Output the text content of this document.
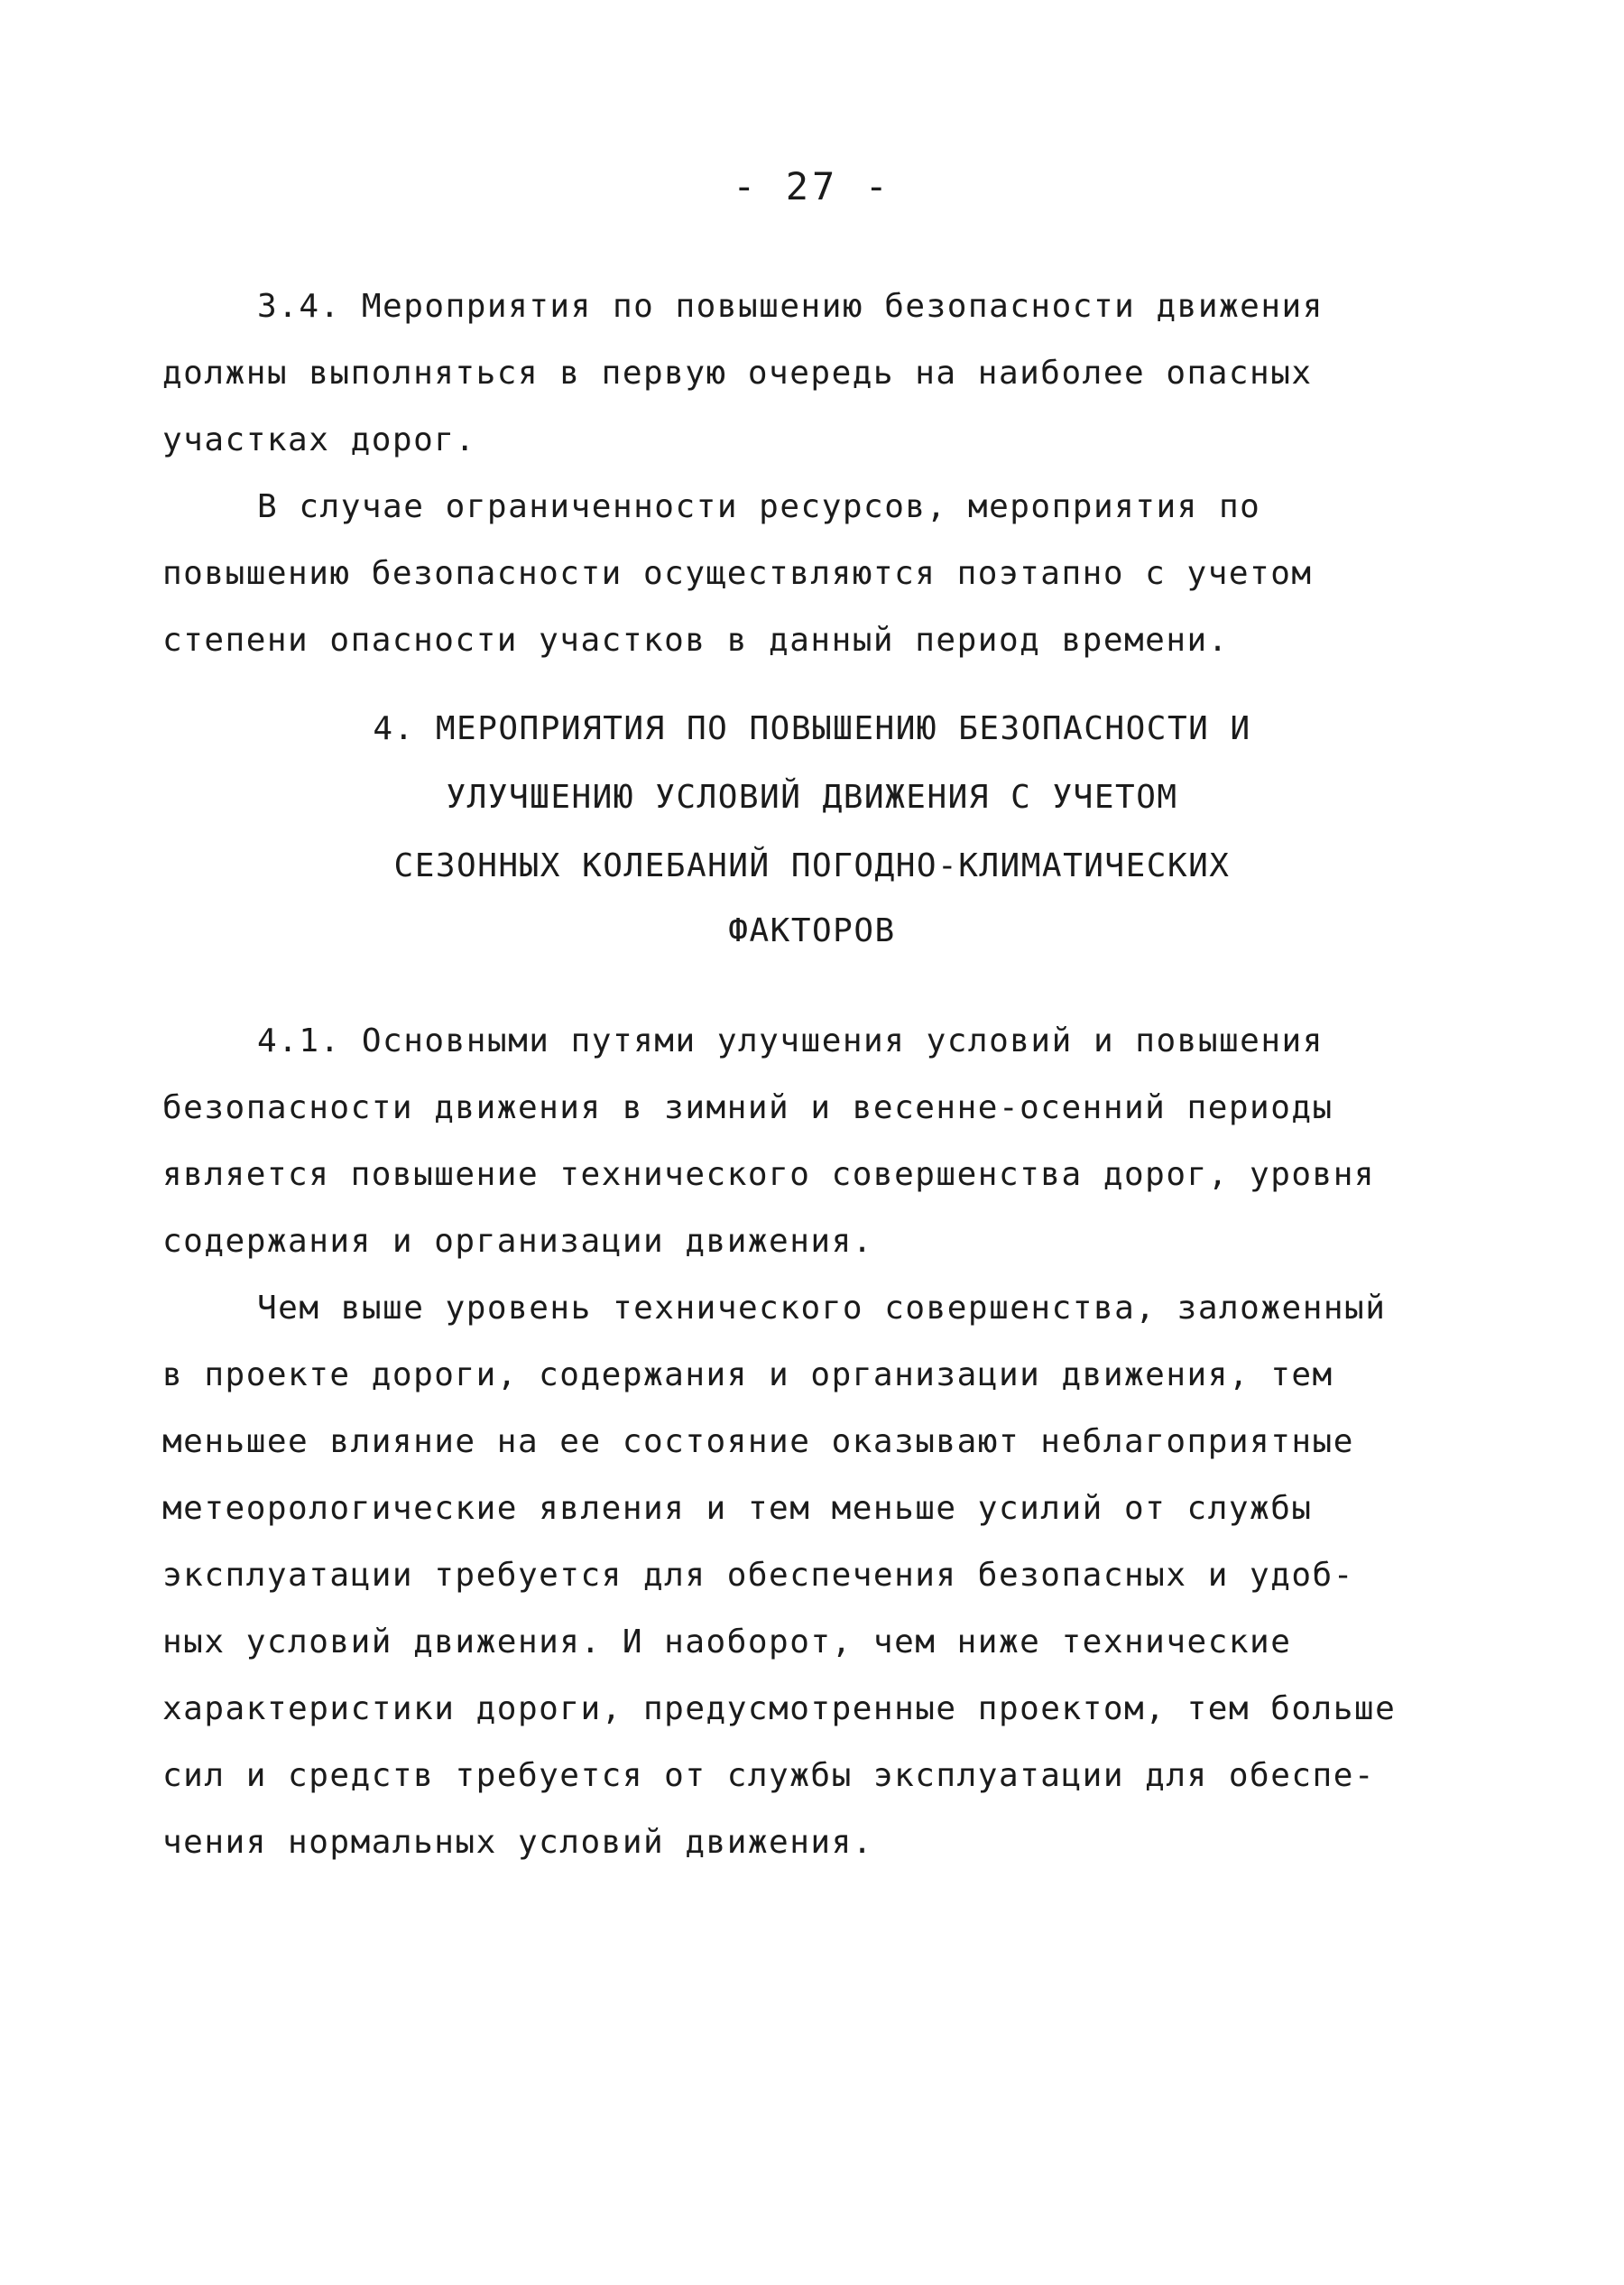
- 27 -
3.4. Мероприятия по повышению безопасности движения
должны выполняться в первую очередь на наиболее опасных
участках дорог.
В случае ограниченности ресурсов, мероприятия по
повышению безопасности осуществляются поэтапно с учетом
степени опасности участков в данный период времени.
4. МЕРОПРИЯТИЯ ПО ПОВЫШЕНИЮ БЕЗОПАСНОСТИ И
УЛУЧШЕНИЮ УСЛОВИЙ ДВИЖЕНИЯ С УЧЕТОМ
СЕЗОННЫХ КОЛЕБАНИЙ ПОГОДНО-КЛИМАТИЧЕСКИХ
ФАКТОРОВ
4.1. Основными путями улучшения условий и повышения
безопасности движения в зимний и весенне-осенний периоды
является повышение технического совершенства дорог, уровня
содержания и организации движения.
Чем выше уровень технического совершенства, заложенный
в проекте дороги, содержания и организации движения, тем
меньшее влияние на ее состояние оказывают неблагоприятные
метеорологические явления и тем меньше усилий от службы
эксплуатации требуется для обеспечения безопасных и удоб-
ных условий движения. И наоборот, чем ниже технические
характеристики дороги, предусмотренные проектом, тем больше
сил и средств требуется от службы эксплуатации для обеспе-
чения нормальных условий движения.
